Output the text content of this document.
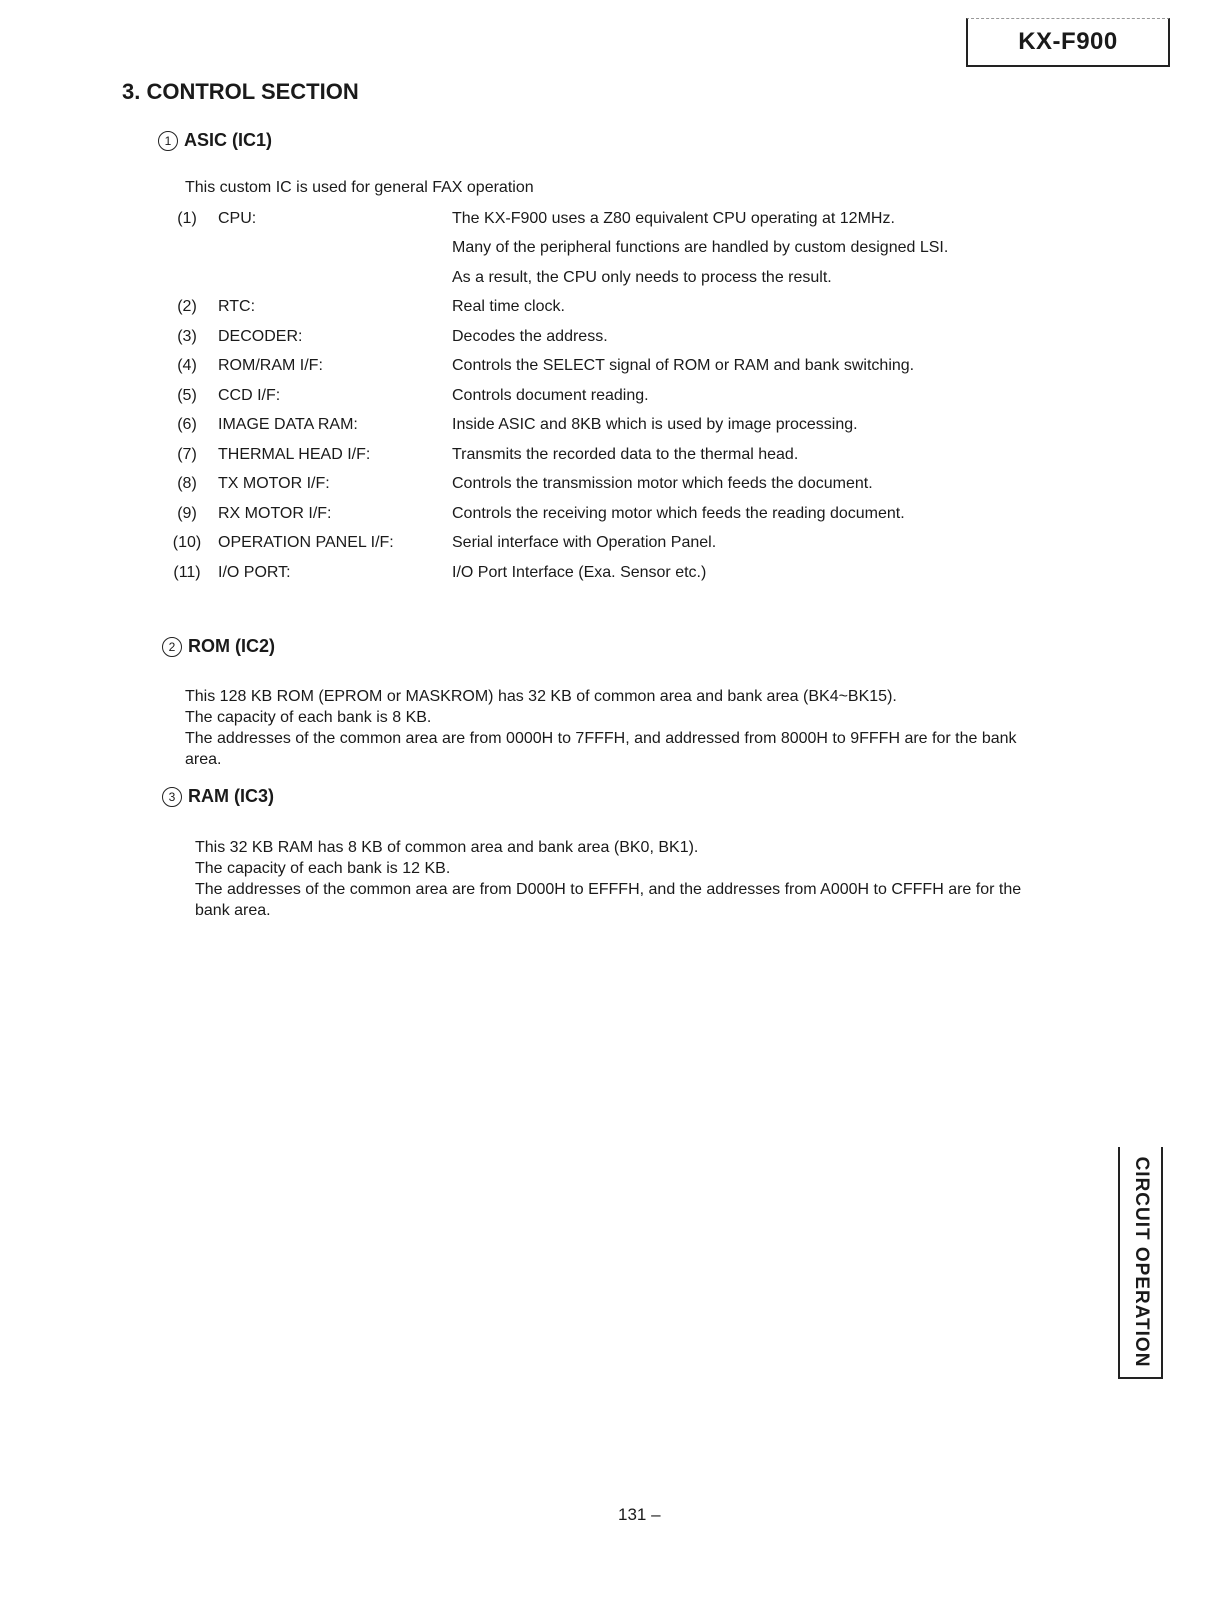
KX-F900
3. CONTROL SECTION
1 ASIC (IC1)
This custom IC is used for general FAX operation
(1)	CPU:	The KX-F900 uses a Z80 equivalent CPU operating at 12MHz.
		Many of the peripheral functions are handled by custom designed LSI.
		As a result, the CPU only needs to process the result.
(2)	RTC:	Real time clock.
(3)	DECODER:	Decodes the address.
(4)	ROM/RAM I/F:	Controls the SELECT signal of ROM or RAM and bank switching.
(5)	CCD I/F:	Controls document reading.
(6)	IMAGE DATA RAM:	Inside ASIC and 8KB which is used by image processing.
(7)	THERMAL HEAD I/F:	Transmits the recorded data to the thermal head.
(8)	TX MOTOR I/F:	Controls the transmission motor which feeds the document.
(9)	RX MOTOR I/F:	Controls the receiving motor which feeds the reading document.
(10)	OPERATION PANEL I/F:	Serial interface with Operation Panel.
(11)	I/O PORT:	I/O Port Interface (Exa. Sensor etc.)
2 ROM (IC2)
This 128 KB ROM (EPROM or MASKROM) has 32 KB of common area and bank area (BK4~BK15).
The capacity of each bank is 8 KB.
The addresses of the common area are from 0000H to 7FFFH, and addressed from 8000H to 9FFFH are for the bank
area.
3 RAM (IC3)
This 32 KB RAM has 8 KB of common area and bank area (BK0, BK1).
The capacity of each bank is 12 KB.
The addresses of the common area are from D000H to EFFFH, and the addresses from A000H to CFFFH are for the
bank area.
CIRCUIT OPERATION
131 –
